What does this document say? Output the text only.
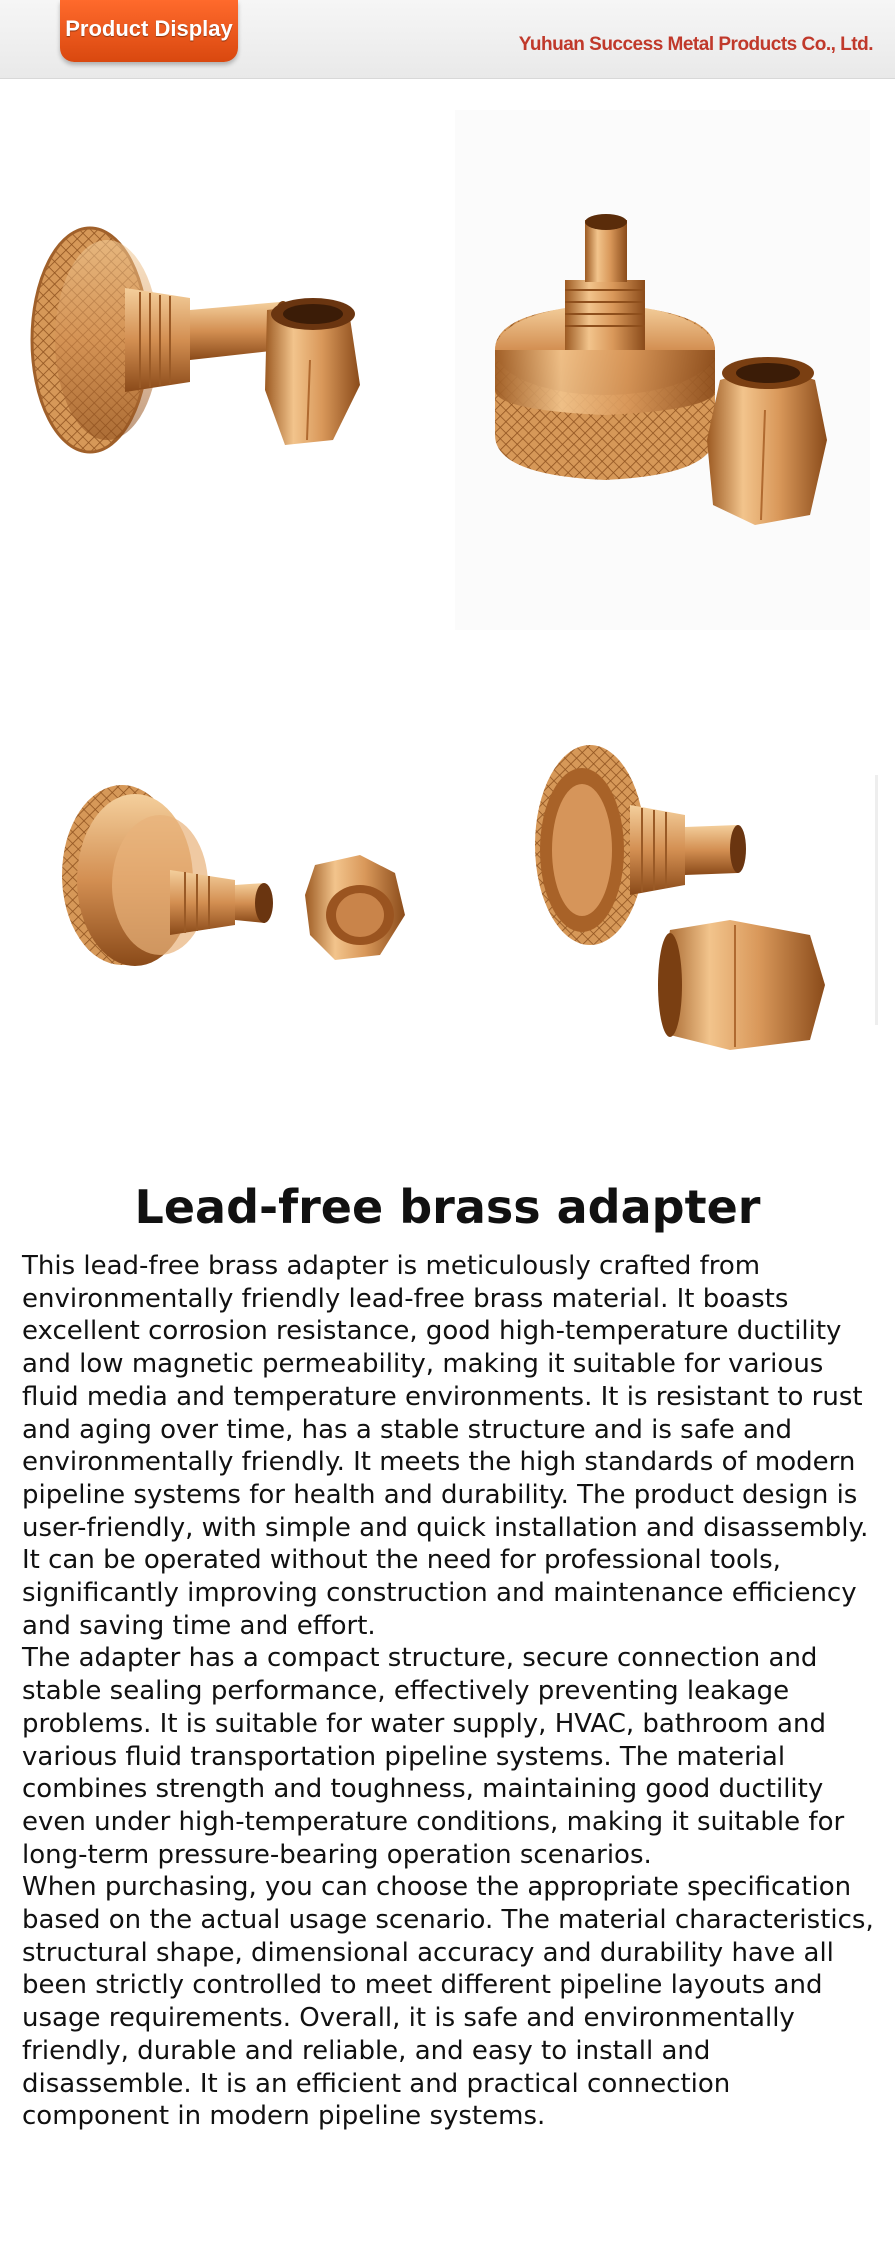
Product Display
Yuhuan Success Metal Products Co., Ltd.
Lead-free brass adapter

This lead-free brass adapter is meticulously crafted from environmentally friendly lead-free brass material. It boasts excellent corrosion resistance, good high-temperature ductility and low magnetic permeability, making it suitable for various fluid media and temperature environments. It is resistant to rust and aging over time, has a stable structure and is safe and environmentally friendly. It meets the high standards of modern pipeline systems for health and durability. The product design is user-friendly, with simple and quick installation and disassembly. It can be operated without the need for professional tools, significantly improving construction and maintenance efficiency and saving time and effort.

The adapter has a compact structure, secure connection and stable sealing performance, effectively preventing leakage problems. It is suitable for water supply, HVAC, bathroom and various fluid transportation pipeline systems. The material combines strength and toughness, maintaining good ductility even under high-temperature conditions, making it suitable for long-term pressure-bearing operation scenarios.

When purchasing, you can choose the appropriate specification based on the actual usage scenario. The material characteristics, structural shape, dimensional accuracy and durability have all been strictly controlled to meet different pipeline layouts and usage requirements. Overall, it is safe and environmentally friendly, durable and reliable, and easy to install and disassemble. It is an efficient and practical connection component in modern pipeline systems.
